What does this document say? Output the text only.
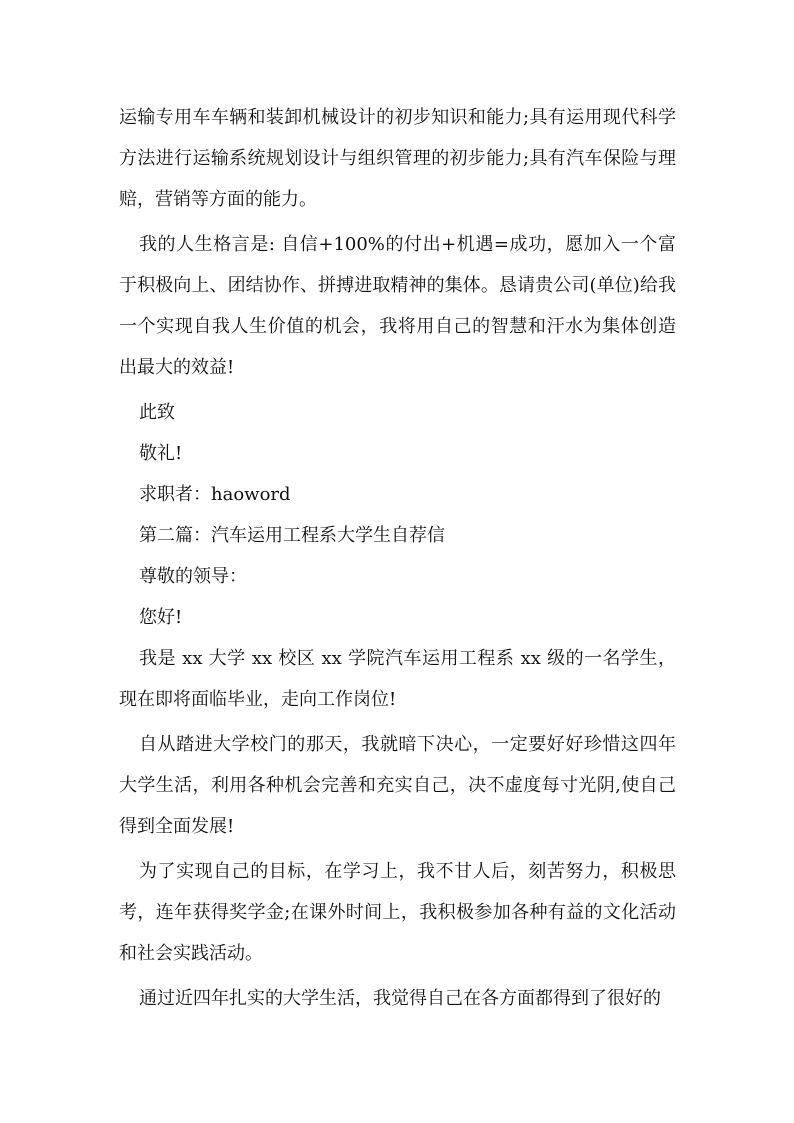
运输专用车车辆和装卸机械设计的初步知识和能力;具有运用现代科学方法进行运输系统规划设计与组织管理的初步能力;具有汽车保险与理赔，营销等方面的能力。

我的人生格言是: 自信+100%的付出+机遇=成功，愿加入一个富于积极向上、团结协作、拼搏进取精神的集体。恳请贵公司(单位)给我一个实现自我人生价值的机会，我将用自己的智慧和汗水为集体创造出最大的效益!

此致

敬礼!

求职者：haoword

第二篇：汽车运用工程系大学生自荐信

尊敬的领导：

您好!

我是 xx 大学 xx 校区 xx 学院汽车运用工程系 xx 级的一名学生，现在即将面临毕业，走向工作岗位!

自从踏进大学校门的那天，我就暗下决心，一定要好好珍惜这四年大学生活，利用各种机会完善和充实自己，决不虚度每寸光阴,使自己得到全面发展!

为了实现自己的目标，在学习上，我不甘人后，刻苦努力，积极思考，连年获得奖学金;在课外时间上，我积极参加各种有益的文化活动和社会实践活动。

通过近四年扎实的大学生活，我觉得自己在各方面都得到了很好的
